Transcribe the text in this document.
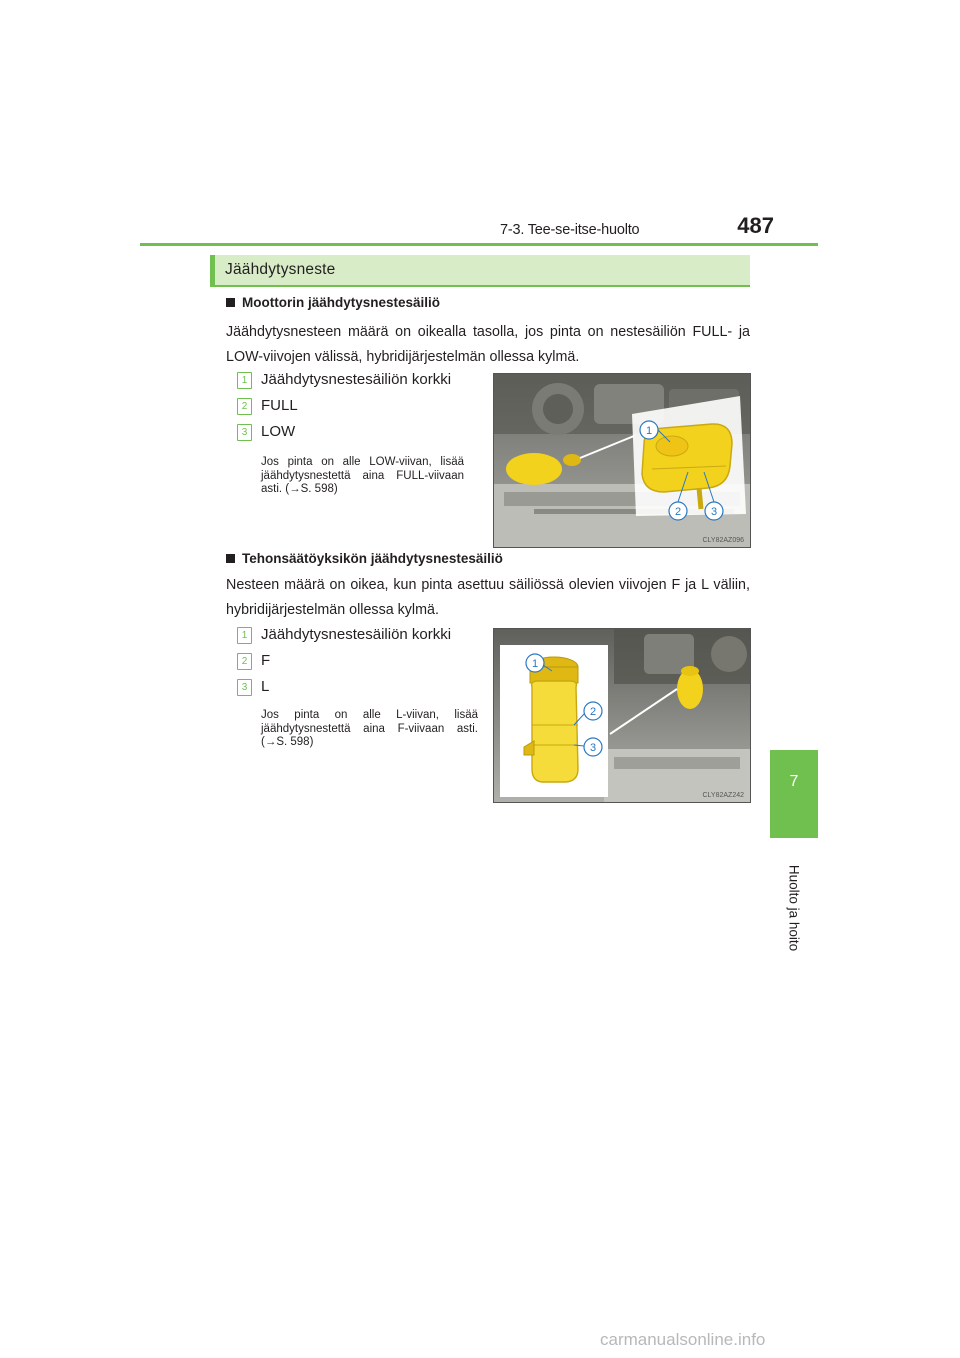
7-3. Tee-se-itse-huolto	487
7
Huolto ja hoito
Jäähdytysneste
Moottorin jäähdytysnestesäiliö
Jäähdytysnesteen määrä on oikealla tasolla, jos pinta on nestesäiliön FULL- ja LOW-viivojen välissä, hybridijärjestelmän ollessa kylmä.
1 Jäähdytysnestesäiliön korkki
2 FULL
3 LOW
Jos pinta on alle LOW-viivan, lisää jäähdytysnestettä aina FULL-viivaan asti. (→S. 598)
1
2	3
CLY82AZ096
Tehonsäätöyksikön jäähdytysnestesäiliö
Nesteen määrä on oikea, kun pinta asettuu säiliössä olevien viivojen F ja L väliin, hybridijärjestelmän ollessa kylmä.
1 Jäähdytysnestesäiliön korkki
2 F
3 L
Jos pinta on alle L-viivan, lisää jäähdytysnestettä aina F-viivaan asti. (→S. 598)
1
2
3
CLY82AZ242
carmanualsonline.info
